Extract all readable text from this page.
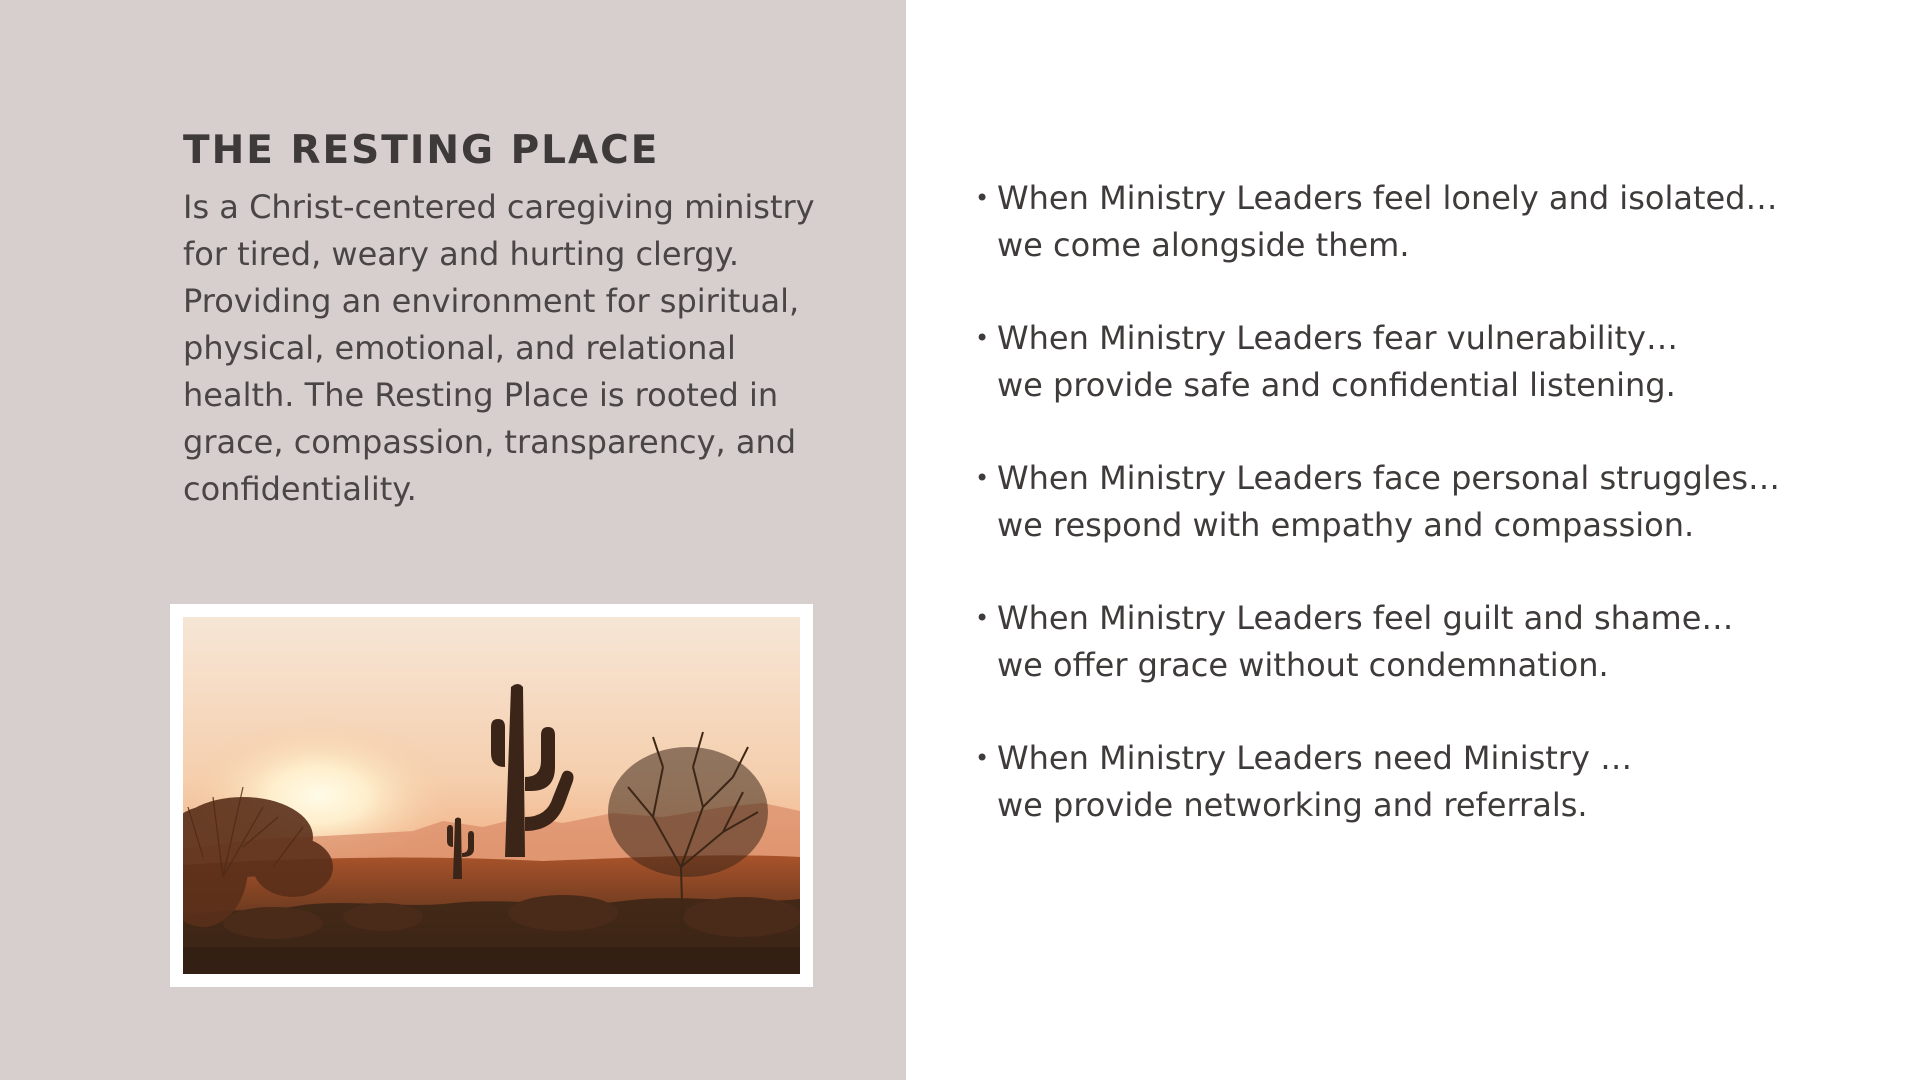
THE RESTING PLACE

Is a Christ-centered caregiving ministry
for tired, weary and hurting clergy.
Providing an environment for spiritual,
physical, emotional, and relational
health. The Resting Place is rooted in
grace, compassion, transparency, and
confidentiality.

• When Ministry Leaders feel lonely and isolated…
we come alongside them.
• When Ministry Leaders fear vulnerability…
we provide safe and confidential listening.
• When Ministry Leaders face personal struggles…
we respond with empathy and compassion.
• When Ministry Leaders feel guilt and shame…
we offer grace without condemnation.
• When Ministry Leaders need Ministry …
we provide networking and referrals.
